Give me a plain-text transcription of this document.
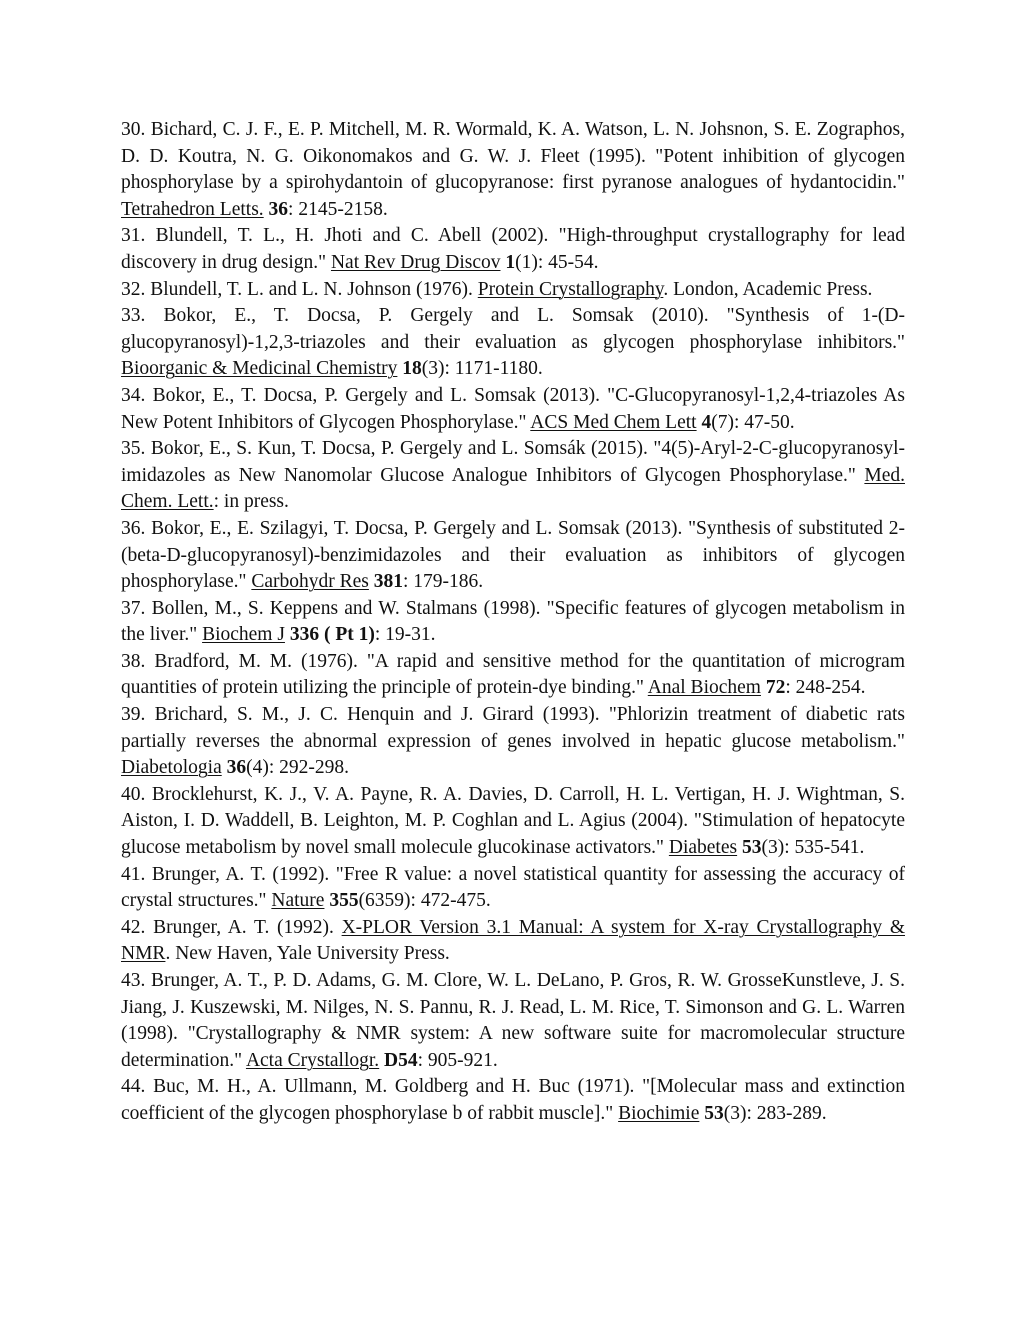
30. Bichard, C. J. F., E. P. Mitchell, M. R. Wormald, K. A. Watson, L. N. Johsnon, S. E. Zographos, D. D. Koutra, N. G. Oikonomakos and G. W. J. Fleet (1995). "Potent inhibition of glycogen phosphorylase by a spirohydantoin of glucopyranose: first pyranose analogues of hydantocidin." Tetrahedron Letts. 36: 2145-2158.

31. Blundell, T. L., H. Jhoti and C. Abell (2002). "High-throughput crystallography for lead discovery in drug design." Nat Rev Drug Discov 1(1): 45-54.

32. Blundell, T. L. and L. N. Johnson (1976). Protein Crystallography. London, Academic Press.

33. Bokor, E., T. Docsa, P. Gergely and L. Somsak (2010). "Synthesis of 1-(D-glucopyranosyl)-1,2,3-triazoles and their evaluation as glycogen phosphorylase inhibitors." Bioorganic & Medicinal Chemistry 18(3): 1171-1180.

34. Bokor, E., T. Docsa, P. Gergely and L. Somsak (2013). "C-Glucopyranosyl-1,2,4-triazoles As New Potent Inhibitors of Glycogen Phosphorylase." ACS Med Chem Lett 4(7): 47-50.

35. Bokor, E., S. Kun, T. Docsa, P. Gergely and L. Somsák (2015). "4(5)-Aryl-2‑C‑glucopyranosyl-imidazoles as New Nanomolar Glucose Analogue Inhibitors of Glycogen Phosphorylase." Med. Chem. Lett.: in press.

36. Bokor, E., E. Szilagyi, T. Docsa, P. Gergely and L. Somsak (2013). "Synthesis of substituted 2-(beta-D-glucopyranosyl)-benzimidazoles and their evaluation as inhibitors of glycogen phosphorylase." Carbohydr Res 381: 179-186.

37. Bollen, M., S. Keppens and W. Stalmans (1998). "Specific features of glycogen metabolism in the liver." Biochem J 336 ( Pt 1): 19-31.

38. Bradford, M. M. (1976). "A rapid and sensitive method for the quantitation of microgram quantities of protein utilizing the principle of protein-dye binding." Anal Biochem 72: 248-254.

39. Brichard, S. M., J. C. Henquin and J. Girard (1993). "Phlorizin treatment of diabetic rats partially reverses the abnormal expression of genes involved in hepatic glucose metabolism." Diabetologia 36(4): 292-298.

40. Brocklehurst, K. J., V. A. Payne, R. A. Davies, D. Carroll, H. L. Vertigan, H. J. Wightman, S. Aiston, I. D. Waddell, B. Leighton, M. P. Coghlan and L. Agius (2004). "Stimulation of hepatocyte glucose metabolism by novel small molecule glucokinase activators." Diabetes 53(3): 535-541.

41. Brunger, A. T. (1992). "Free R value: a novel statistical quantity for assessing the accuracy of crystal structures." Nature 355(6359): 472-475.

42. Brunger, A. T. (1992). X-PLOR Version 3.1 Manual: A system for X-ray Crystallography & NMR. New Haven, Yale University Press.

43. Brunger, A. T., P. D. Adams, G. M. Clore, W. L. DeLano, P. Gros, R. W. GrosseKunstleve, J. S. Jiang, J. Kuszewski, M. Nilges, N. S. Pannu, R. J. Read, L. M. Rice, T. Simonson and G. L. Warren (1998). "Crystallography & NMR system: A new software suite for macromolecular structure determination." Acta Crystallogr. D54: 905-921.

44. Buc, M. H., A. Ullmann, M. Goldberg and H. Buc (1971). "[Molecular mass and extinction coefficient of the glycogen phosphorylase b of rabbit muscle]." Biochimie 53(3): 283-289.
